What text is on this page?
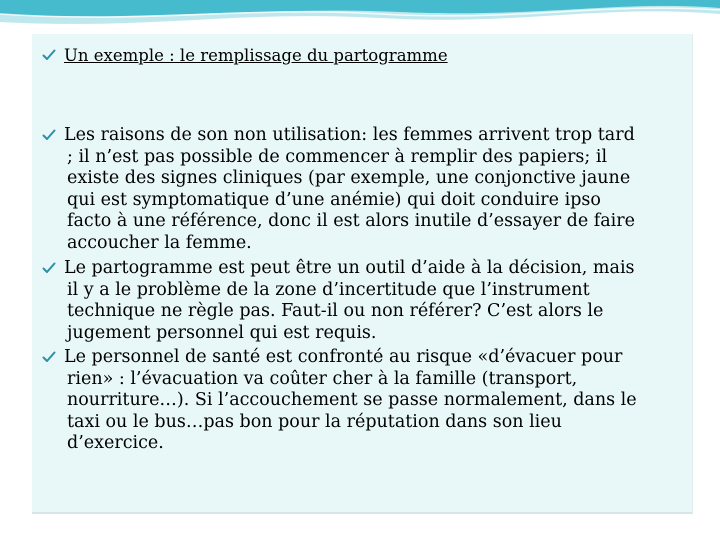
Un exemple : le remplissage du partogramme
Les raisons de son non utilisation: les femmes arrivent trop tard
; il n’est pas possible de commencer à remplir des papiers; il
existe des signes cliniques (par exemple, une conjonctive jaune
qui est symptomatique d’une anémie) qui doit conduire ipso
facto à une référence, donc il est alors inutile d’essayer de faire
accoucher la femme.
Le partogramme est peut être un outil d’aide à la décision, mais
il y a le problème de la zone d’incertitude que l’instrument
technique ne règle pas. Faut-il ou non référer? C’est alors le
jugement personnel qui est requis.
Le personnel de santé est confronté au risque «d’évacuer pour
rien» : l’évacuation va coûter cher à la famille (transport,
nourriture…). Si l’accouchement se passe normalement, dans le
taxi ou le bus…pas bon pour la réputation dans son lieu
d’exercice.
